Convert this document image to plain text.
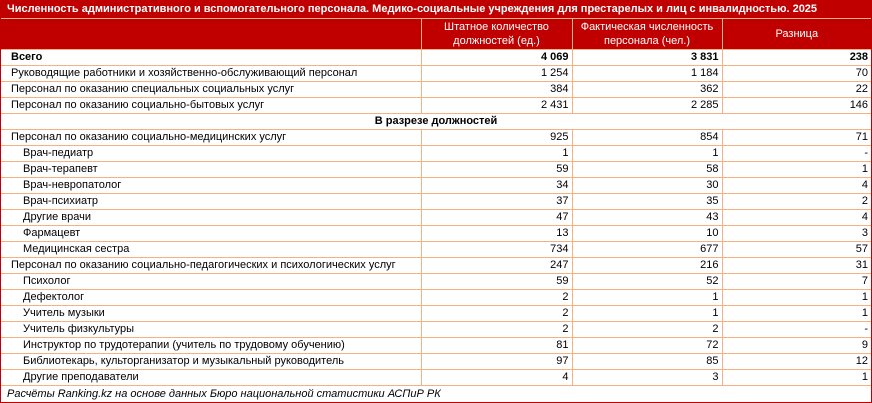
Численность административного и вспомогательного персонала. Медико-социальные учреждения для престарелых и лиц с инвалидностью. 2025			
	Штатное количество должностей (ед.)	Фактическая численность персонала (чел.)	Разница
Всего	4 069	3 831	238
Руководящие работники и хозяйственно-обслуживающий персонал	1 254	1 184	70
Персонал по оказанию специальных социальных услуг	384	362	22
Персонал по оказанию социально-бытовых услуг	2 431	2 285	146
В разрезе должностей			
Персонал по оказанию социально-медицинских услуг	925	854	71
Врач-педиатр	1	1	-
Врач-терапевт	59	58	1
Врач-невропатолог	34	30	4
Врач-психиатр	37	35	2
Другие врачи	47	43	4
Фармацевт	13	10	3
Медицинская сестра	734	677	57
Персонал по оказанию социально-педагогических и психологических услуг	247	216	31
Психолог	59	52	7
Дефектолог	2	1	1
Учитель музыки	2	1	1
Учитель физкультуры	2	2	-
Инструктор по трудотерапии (учитель по трудовому обучению)	81	72	9
Библиотекарь, культорганизатор и музыкальный руководитель	97	85	12
Другие преподаватели	4	3	1
Расчёты Ranking.kz на основе данных Бюро национальной статистики АСПиР РК			
